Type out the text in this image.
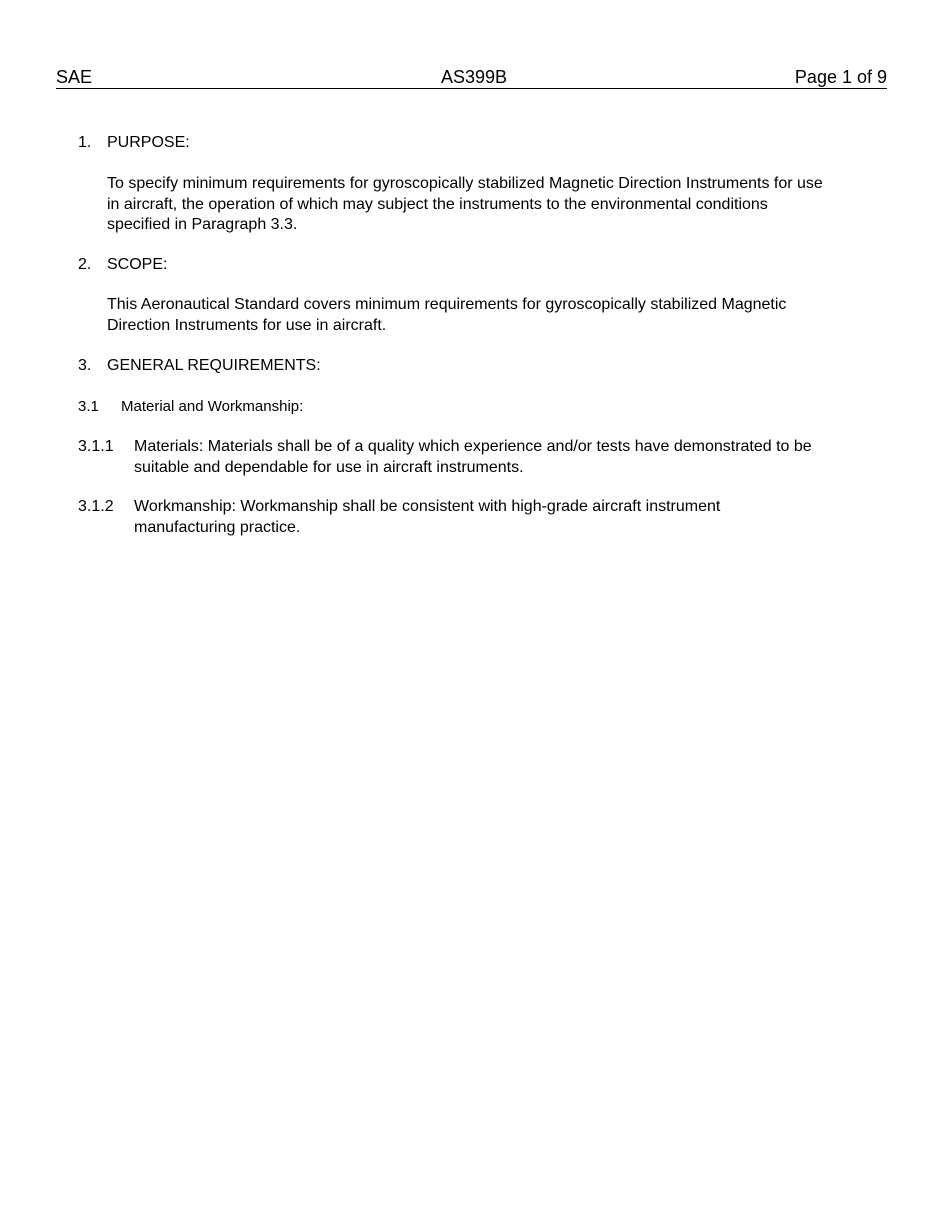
SAE	AS399B	Page 1 of 9
1. PURPOSE:
To specify minimum requirements for gyroscopically stabilized Magnetic Direction Instruments for use
in aircraft, the operation of which may subject the instruments to the environmental conditions
specified in Paragraph 3.3.
2. SCOPE:
This Aeronautical Standard covers minimum requirements for gyroscopically stabilized Magnetic
Direction Instruments for use in aircraft.
3. GENERAL REQUIREMENTS:
3.1 Material and Workmanship:
3.1.1 Materials: Materials shall be of a quality which experience and/or tests have demonstrated to be
suitable and dependable for use in aircraft instruments.
3.1.2 Workmanship: Workmanship shall be consistent with high-grade aircraft instrument
manufacturing practice.
